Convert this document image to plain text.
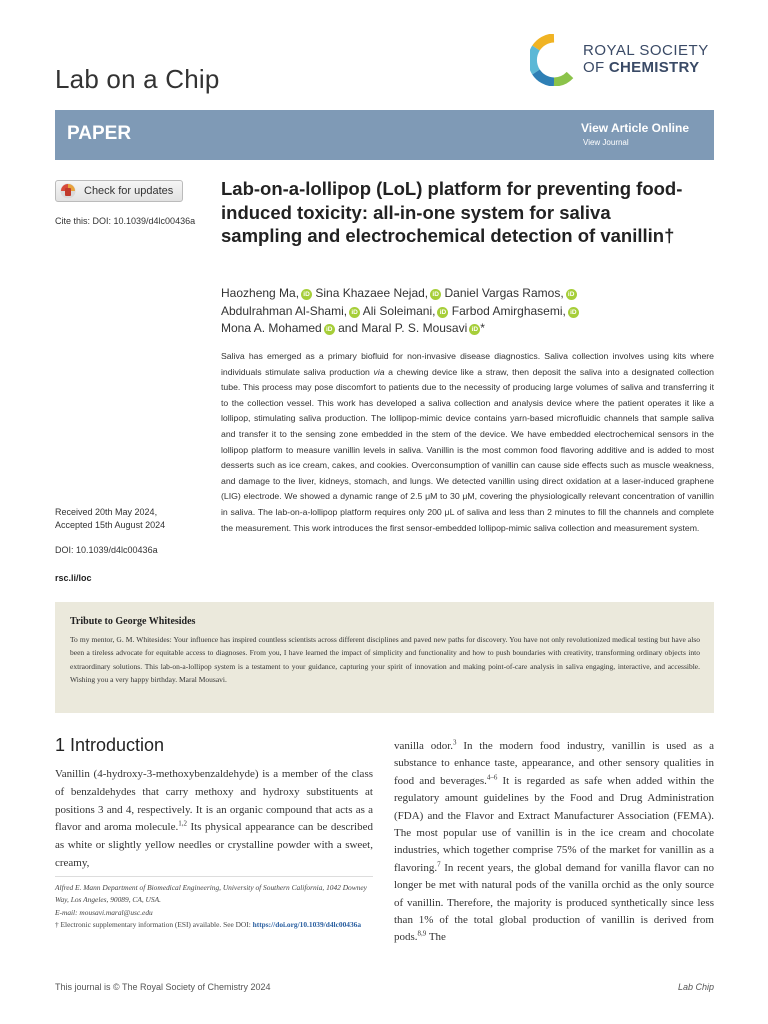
Lab on a Chip
ROYAL SOCIETY
OF CHEMISTRY
PAPER	View Article Online
View Journal
Check for updates
Cite this: DOI: 10.1039/d4lc00436a
Lab-on-a-lollipop (LoL) platform for preventing food-induced toxicity: all-in-one system for saliva sampling and electrochemical detection of vanillin†
Haozheng Ma, iD Sina Khazaee Nejad, iD Daniel Vargas Ramos, iD
Abdulrahman Al-Shami, iD Ali Soleimani, iD Farbod Amirghasemi, iD
Mona A. Mohamed iD and Maral P. S. Mousavi iD *
Saliva has emerged as a primary biofluid for non-invasive disease diagnostics. Saliva collection involves using kits where individuals stimulate saliva production via a chewing device like a straw, then deposit the saliva into a designated collection tube. This process may pose discomfort to patients due to the necessity of producing large volumes of saliva and transferring it to the collection vessel. This work has developed a saliva collection and analysis device where the patient operates it like a lollipop, stimulating saliva production. The lollipop-mimic device contains yarn-based microfluidic channels that sample saliva and transfer it to the sensing zone embedded in the stem of the device. We have embedded electrochemical sensors in the lollipop platform to measure vanillin levels in saliva. Vanillin is the most common food flavoring additive and is added to most desserts such as ice cream, cakes, and cookies. Overconsumption of vanillin can cause side effects such as muscle weakness, and damage to the liver, kidneys, stomach, and lungs. We detected vanillin using direct oxidation at a laser-induced graphene (LIG) electrode. We showed a dynamic range of 2.5 μM to 30 μM, covering the physiologically relevant concentration of vanillin in saliva. The lab-on-a-lollipop platform requires only 200 μL of saliva and less than 2 minutes to fill the channels and complete the measurement. This work introduces the first sensor-embedded lollipop-mimic saliva collection and measurement system.
Received 20th May 2024,
Accepted 15th August 2024
DOI: 10.1039/d4lc00436a
rsc.li/loc
Tribute to George Whitesides
To my mentor, G. M. Whitesides: Your influence has inspired countless scientists across different disciplines and paved new paths for discovery. You have not only revolutionized medical testing but have also been a tireless advocate for equitable access to diagnoses. From you, I have learned the impact of simplicity and functionality and how to push boundaries with creativity, transforming ordinary objects into extraordinary solutions. This lab-on-a-lollipop system is a testament to your guidance, capturing your spirit of innovation and making point-of-care analysis in saliva engaging, interactive, and accessible. Wishing you a very happy birthday. Maral Mousavi.
1 Introduction
Vanillin (4-hydroxy-3-methoxybenzaldehyde) is a member of the class of benzaldehydes that carry methoxy and hydroxy substituents at positions 3 and 4, respectively. It is an organic compound that acts as a flavor and aroma molecule.$^{1,2}$ Its physical appearance can be described as white or slightly yellow needles or crystalline powder with a sweet, creamy,
vanilla odor.$^3$ In the modern food industry, vanillin is used as a substance to enhance taste, appearance, and other sensory qualities in food and beverages.$^{4-6}$ It is regarded as safe when added within the regulatory amount guidelines by the Food and Drug Administration (FDA) and the Flavor and Extract Manufacturer Association (FEMA). The most popular use of vanillin is in the ice cream and chocolate industries, which together comprise 75% of the market for vanillin as a flavoring.$^7$ In recent years, the global demand for vanilla flavor can no longer be met with natural pods of the vanilla orchid as the only source of vanillin. Therefore, the majority is produced synthetically since less than 1% of the total global production of vanillin is derived from pods.$^{8,9}$ The
Alfred E. Mann Department of Biomedical Engineering, University of Southern California, 1042 Downey Way, Los Angeles, 90089, CA, USA.
E-mail: mousavi.maral@usc.edu
† Electronic supplementary information (ESI) available. See DOI: https://doi.org/10.1039/d4lc00436a
This journal is © The Royal Society of Chemistry 2024	Lab Chip
